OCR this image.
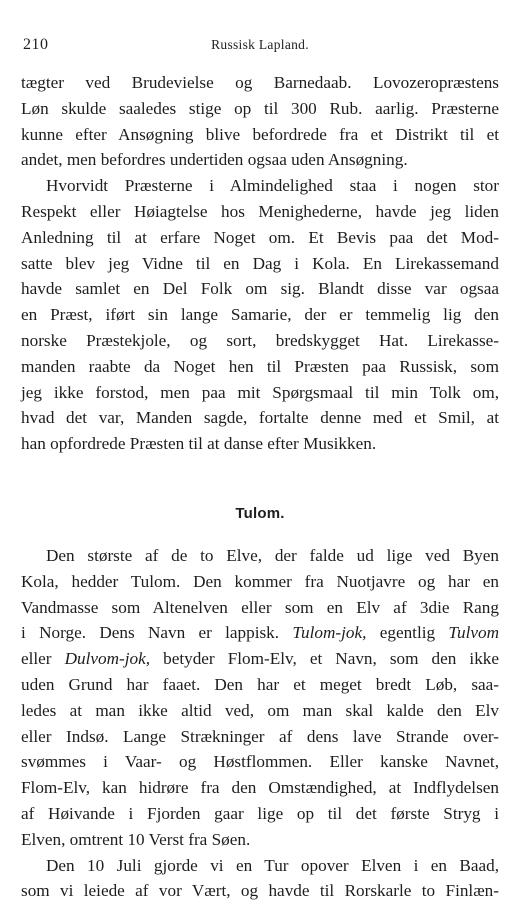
210	Russisk Lapland.
tægter ved Brudevielse og Barnedaab. Lovozeropræstens
Løn skulde saaledes stige op til 300 Rub. aarlig. Præsterne
kunne efter Ansøgning blive befordrede fra et Distrikt til et
andet, men befordres undertiden ogsaa uden Ansøgning.
Hvorvidt Præsterne i Almindelighed staa i nogen stor
Respekt eller Høiagtelse hos Menighederne, havde jeg liden
Anledning til at erfare Noget om. Et Bevis paa det Mod-
satte blev jeg Vidne til en Dag i Kola. En Lirekassemand
havde samlet en Del Folk om sig. Blandt disse var ogsaa
en Præst, iført sin lange Samarie, der er temmelig lig den
norske Præstekjole, og sort, bredskygget Hat. Lirekasse-
manden raabte da Noget hen til Præsten paa Russisk, som
jeg ikke forstod, men paa mit Spørgsmaal til min Tolk om,
hvad det var, Manden sagde, fortalte denne med et Smil, at
han opfordrede Præsten til at danse efter Musikken.
Tulom.
Den største af de to Elve, der falde ud lige ved Byen
Kola, hedder Tulom. Den kommer fra Nuotjavre og har en
Vandmasse som Altenelven eller som en Elv af 3die Rang
i Norge. Dens Navn er lappisk. Tulom-jok, egentlig Tulvom
eller Dulvom-jok, betyder Flom-Elv, et Navn, som den ikke
uden Grund har faaet. Den har et meget bredt Løb, saa-
ledes at man ikke altid ved, om man skal kalde den Elv
eller Indsø. Lange Strækninger af dens lave Strande over-
svømmes i Vaar- og Høstflommen. Eller kanske Navnet,
Flom-Elv, kan hidrøre fra den Omstændighed, at Indflydelsen
af Høivande i Fjorden gaar lige op til det første Stryg i
Elven, omtrent 10 Verst fra Søen.
Den 10 Juli gjorde vi en Tur opover Elven i en Baad,
som vi leiede af vor Vært, og havde til Rorskarle to Finlæn-
